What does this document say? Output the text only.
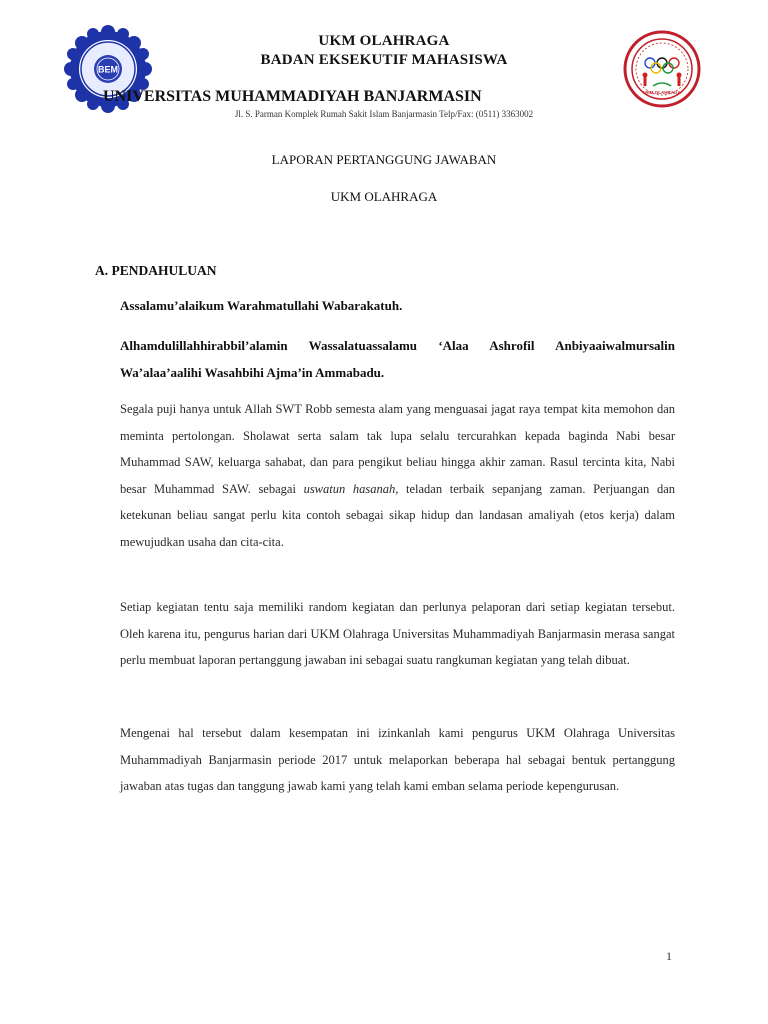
BEM
UKM OLAHRAGA
UKM OLAHRAGA
BADAN EKSEKUTIF MAHASISWA
UNIVERSITAS MUHAMMADIYAH BANJARMASIN
Jl. S. Parman Komplek Rumah Sakit Islam Banjarmasin Telp/Fax: (0511) 3363002
LAPORAN PERTANGGUNG JAWABAN
UKM OLAHRAGA
A. PENDAHULUAN
Assalamu’alaikum Warahmatullahi Wabarakatuh.
Alhamdulillahhirabbil’alamin Wassalatuassalamu ‘Alaa Ashrofil Anbiyaaiwalmursalin Wa’alaa’aalihi Wasahbihi Ajma’in Ammabadu.
Segala puji hanya untuk Allah SWT Robb semesta alam yang menguasai jagat raya tempat kita memohon dan meminta pertolongan. Sholawat serta salam tak lupa selalu tercurahkan kepada baginda Nabi besar Muhammad SAW, keluarga sahabat, dan para pengikut beliau hingga akhir zaman. Rasul tercinta kita, Nabi besar Muhammad SAW. sebagai uswatun hasanah, teladan terbaik sepanjang zaman. Perjuangan dan ketekunan beliau sangat perlu kita contoh sebagai sikap hidup dan landasan amaliyah (etos kerja) dalam mewujudkan usaha dan cita-cita.
Setiap kegiatan tentu saja memiliki random kegiatan dan perlunya pelaporan dari setiap kegiatan tersebut. Oleh karena itu, pengurus harian dari UKM Olahraga Universitas Muhammadiyah Banjarmasin merasa sangat perlu membuat laporan pertanggung jawaban ini sebagai suatu rangkuman kegiatan yang telah dibuat.
Mengenai hal tersebut dalam kesempatan ini izinkanlah kami pengurus UKM Olahraga Universitas Muhammadiyah Banjarmasin periode 2017 untuk melaporkan beberapa hal sebagai bentuk pertanggung jawaban atas tugas dan tanggung jawab kami yang telah kami emban selama periode kepengurusan.
1
